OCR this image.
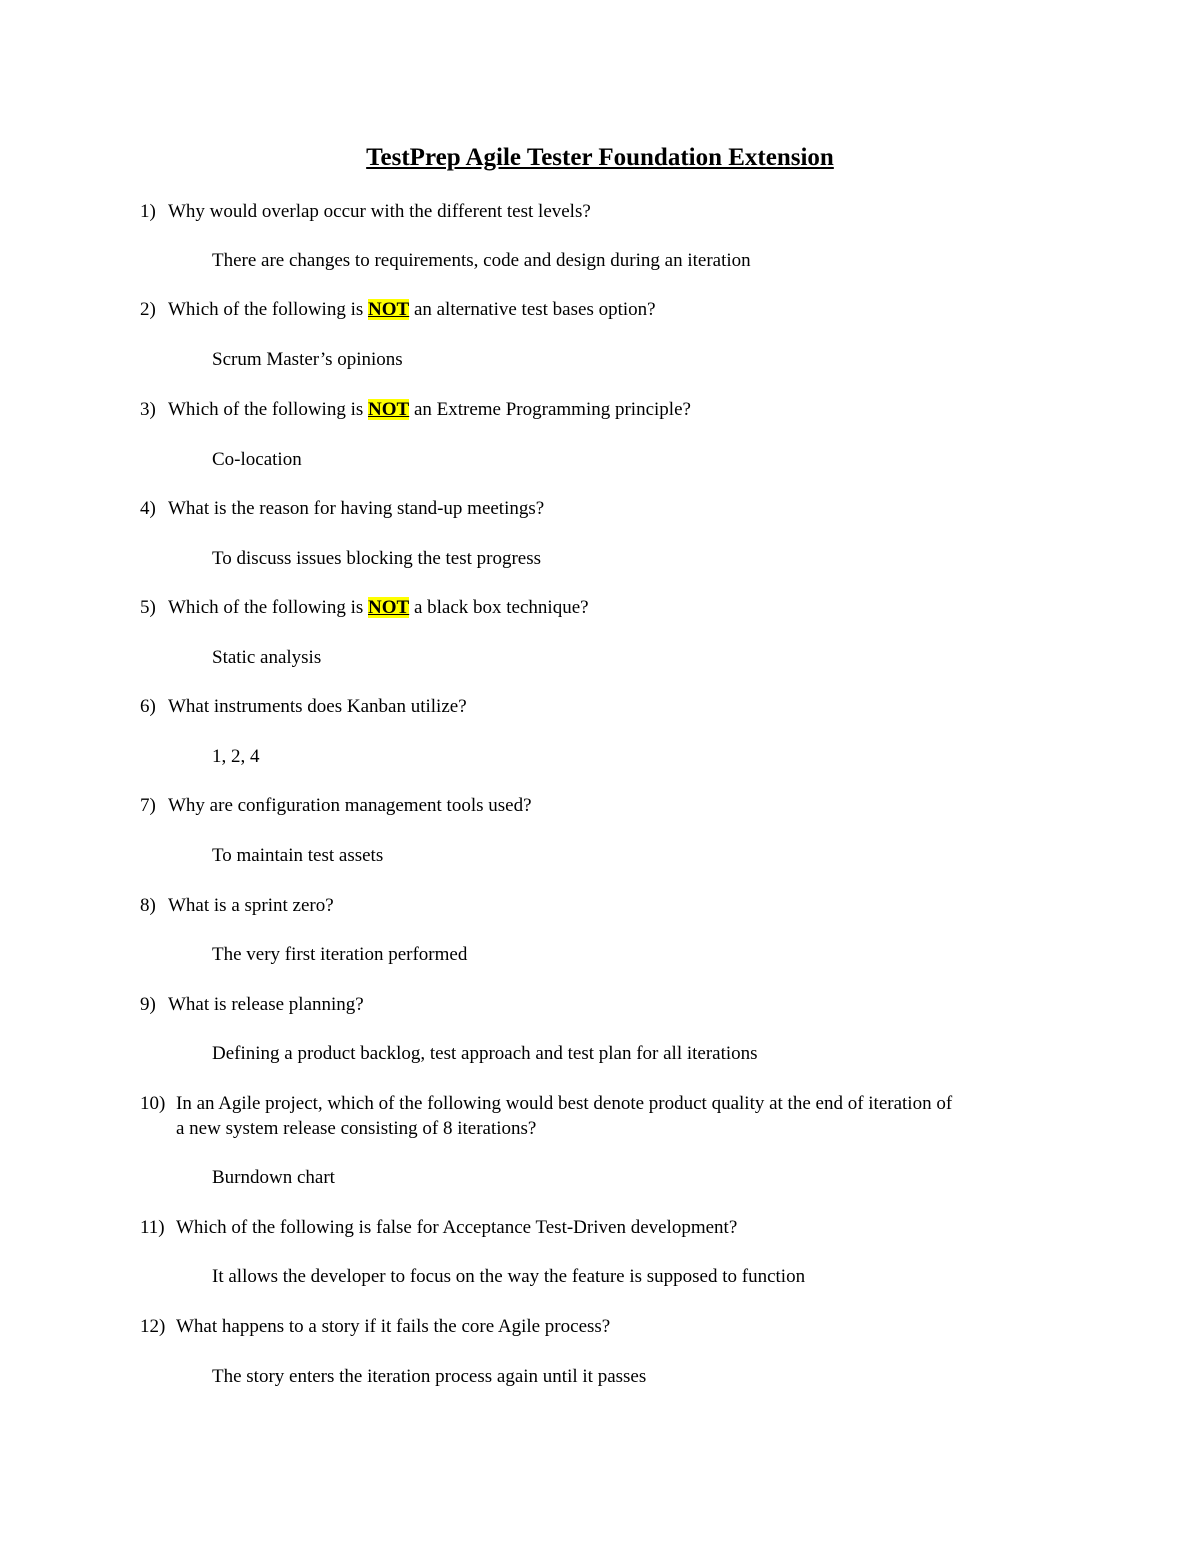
TestPrep Agile Tester Foundation Extension
1) Why would overlap occur with the different test levels?
There are changes to requirements, code and design during an iteration
2) Which of the following is NOT an alternative test bases option?
Scrum Master’s opinions
3) Which of the following is NOT an Extreme Programming principle?
Co-location
4) What is the reason for having stand-up meetings?
To discuss issues blocking the test progress
5) Which of the following is NOT a black box technique?
Static analysis
6) What instruments does Kanban utilize?
1, 2, 4
7) Why are configuration management tools used?
To maintain test assets
8) What is a sprint zero?
The very first iteration performed
9) What is release planning?
Defining a product backlog, test approach and test plan for all iterations
10) In an Agile project, which of the following would best denote product quality at the end of iteration of
a new system release consisting of 8 iterations?
Burndown chart
11) Which of the following is false for Acceptance Test-Driven development?
It allows the developer to focus on the way the feature is supposed to function
12) What happens to a story if it fails the core Agile process?
The story enters the iteration process again until it passes
